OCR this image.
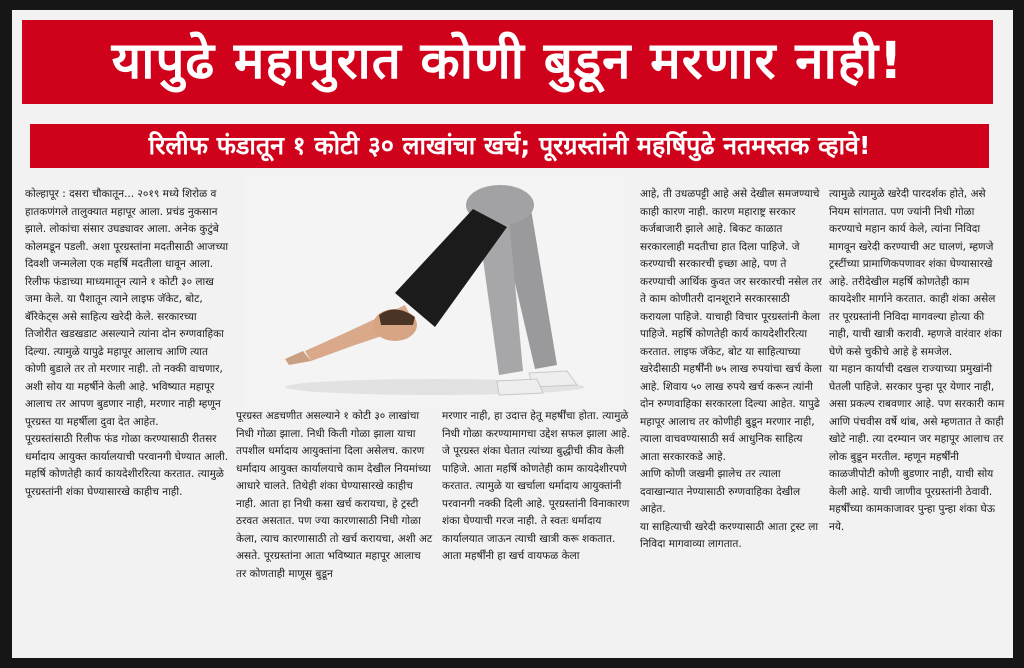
यापुढे महापुरात कोणी बुडून मरणार नाही!
रिलीफ फंडातून १ कोटी ३० लाखांचा खर्च; पूरग्रस्तांनी महर्षिपुढे नतमस्तक व्हावे!

कोल्हापूर : दसरा चौकातून... २०१९ मध्ये शिरोळ व हातकणंगले तालुक्यात महापूर आला. प्रचंड नुकसान झाले. लोकांचा संसार उघड्यावर आला. अनेक कुटुंबे कोलमडून पडली. अशा पूरग्रस्तांना मदतीसाठी आजच्या दिवशी जन्मलेला एक महर्षि मदतीला धावून आला. रिलीफ फंडाच्या माध्यमातून त्याने १ कोटी ३० लाख जमा केले. या पैशातून त्याने लाइफ जॅकेट, बोट, बॅरिकेट्स असे साहित्य खरेदी केले. सरकारच्या तिजोरीत खडखडाट असल्याने त्यांना दोन रुग्णवाहिका दिल्या. त्यामुळे यापुढे महापूर आलाच आणि त्यात कोणी बुडाले तर तो मरणार नाही. तो नक्की वाचणार, अशी सोय या महर्षीने केली आहे. भविष्यात महापूर आलाच तर आपण बुडणार नाही, मरणार नाही म्हणून पूरग्रस्त या महर्षीला दुवा देत आहेत.

पूरग्रस्तांसाठी रिलीफ फंड गोळा करण्यासाठी रीतसर धर्मादाय आयुक्त कार्यालयाची परवानगी घेण्यात आली. महर्षि कोणतेही कार्य कायदेशीररित्या करतात. त्यामुळे पूरग्रस्तांनी शंका घेण्यासारखे काहीच नाही.

पूरग्रस्त अडचणीत असल्याने १ कोटी ३० लाखांचा निधी गोळा झाला. निधी किती गोळा झाला याचा तपशील धर्मादाय आयुक्तांना दिला असेलच. कारण धर्मादाय आयुक्त कार्यालयाचे काम देखील नियमांच्या आधारे चालते. तिथेही शंका घेण्यासारखे काहीच नाही. आता हा निधी कसा खर्च करायचा, हे ट्रस्टी ठरवत असतात. पण ज्या कारणासाठी निधी गोळा केला, त्याच कारणासाठी तो खर्च करायचा, अशी अट असते. पूरग्रस्तांना आता भविष्यात महापूर आलाच तर कोणताही माणूस बुडून

मरणार नाही, हा उदात्त हेतू महर्षींचा होता. त्यामुळे निधी गोळा करण्यामागचा उद्देश सफल झाला आहे. जे पूरग्रस्त शंका घेतात त्यांच्या बुद्धीची कीव केली पाहिजे. आता महर्षि कोणतेही काम कायदेशीरपणे करतात. त्यामुळे या खर्चाला धर्मादाय आयुक्तांनी परवानगी नक्की दिली आहे. पूरग्रस्तांनी विनाकारण शंका घेण्याची गरज नाही. ते स्वतः धर्मादाय कार्यालयात जाऊन त्याची खात्री करू शकतात.

आता महर्षींनी हा खर्च वायफळ केला

आहे, ती उधळपट्टी आहे असे देखील समजण्याचे काही कारण नाही. कारण महाराष्ट्र सरकार कर्जबाजारी झाले आहे. बिकट काळात सरकारलाही मदतीचा हात दिला पाहिजे. जे करण्याची सरकारची इच्छा आहे, पण ते करण्याची आर्थिक कुवत जर सरकारची नसेल तर ते काम कोणीतरी दानशूराने सरकारसाठी करायला पाहिजे. याचाही विचार पूरग्रस्तांनी केला पाहिजे. महर्षि कोणतेही कार्य कायदेशीररित्या करतात. लाइफ जॅकेट, बोट या साहित्याच्या खरेदीसाठी महर्षींनी ७५ लाख रुपयांचा खर्च केला आहे. शिवाय ५० लाख रुपये खर्च करून त्यांनी दोन रुग्णवाहिका सरकारला दिल्या आहेत. यापुढे महापूर आलाच तर कोणीही बुडून मरणार नाही, त्याला वाचवण्यासाठी सर्व आधुनिक साहित्य आता सरकारकडे आहे.

आणि कोणी जखमी झालेच तर त्याला दवाखान्यात नेण्यासाठी रुग्णवाहिका देखील आहेत.

या साहित्याची खरेदी करण्यासाठी आता ट्रस्ट ला निविदा मागवाव्या लागतात.

त्यामुळे त्यामुळे खरेदी पारदर्शक होते, असे नियम सांगतात. पण ज्यांनी निधी गोळा करण्याचे महान कार्य केले, त्यांना निविदा मागवून खरेदी करण्याची अट घालणं, म्हणजे ट्रस्टींच्या प्रामाणिकपणावर शंका घेण्यासारखे आहे. तरीदेखील महर्षि कोणतेही काम कायदेशीर मार्गाने करतात. काही शंका असेल तर पूरग्रस्तांनी निविदा मागवल्या होत्या की नाही, याची खात्री करावी. म्हणजे वारंवार शंका घेणे कसे चुकीचे आहे हे समजेल.

या महान कार्याची दखल राज्याच्या प्रमुखांनी घेतली पाहिजे. सरकार पुन्हा पूर येणार नाही, असा प्रकल्प राबवणार आहे. पण सरकारी काम आणि पंचवीस वर्षे थांब, असे म्हणतात ते काही खोटे नाही. त्या दरम्यान जर महापूर आलाच तर लोक बुडून मरतील. म्हणून महर्षींनी काळजीपोटी कोणी बुडणार नाही, याची सोय केली आहे. याची जाणीव पूरग्रस्तांनी ठेवावी. महर्षींच्या कामकाजावर पुन्हा पुन्हा शंका घेऊ नये.
